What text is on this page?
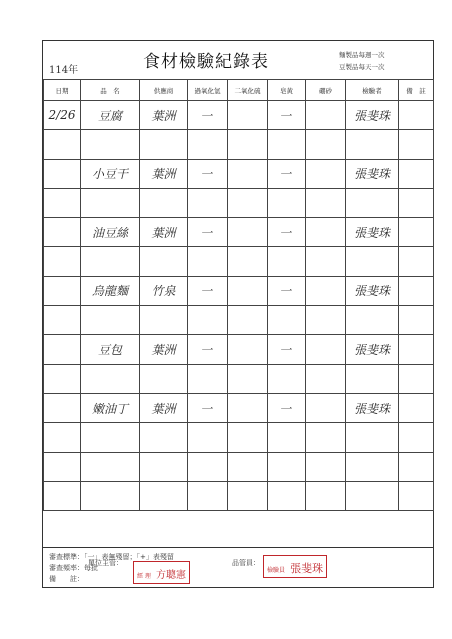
114年	食材檢驗紀錄表	麵製品每週一次
豆製品每天一次
日期	品　名	供應商	過氧化氫	二氧化硫	皂黃	硼砂	檢驗者	備　註
2/26	豆腐	葉洲	一		一		張斐珠	

	小豆干	葉洲	一		一		張斐珠	

	油豆絲	葉洲	一		一		張斐珠	

	烏龍麵	竹泉	一		一		張斐珠	

	豆包	葉洲	一		一		張斐珠	

	嫩油丁	葉洲	一		一		張斐珠	

審查標準：「一」表無殘留；「+」表殘留
審查頻率：每批
備　　註：
單位主管：
經 理 方聰憲
品管員：
檢驗員 張斐珠
